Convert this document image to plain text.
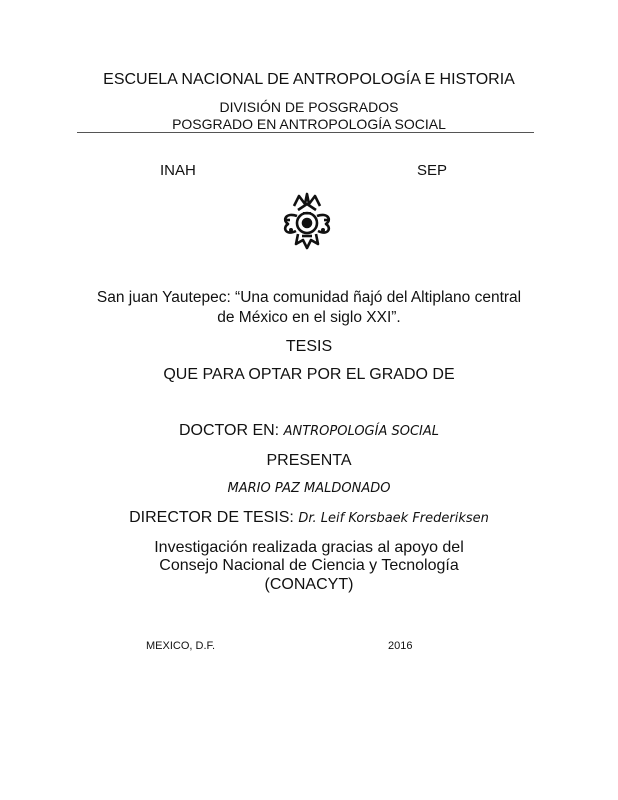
ESCUELA NACIONAL DE ANTROPOLOGÍA E HISTORIA
DIVISIÓN DE POSGRADOS
POSGRADO EN ANTROPOLOGÍA SOCIAL
INAH	SEP
San juan Yautepec: “Una comunidad ñajó del Altiplano central
de México en el siglo XXI”.
TESIS
QUE PARA OPTAR POR EL GRADO DE
DOCTOR EN: ANTROPOLOGÍA SOCIAL
PRESENTA
MARIO PAZ MALDONADO
DIRECTOR DE TESIS: Dr. Leif Korsbaek Frederiksen
Investigación realizada gracias al apoyo del
Consejo Nacional de Ciencia y Tecnología
(CONACYT)
MEXICO, D.F.	2016
